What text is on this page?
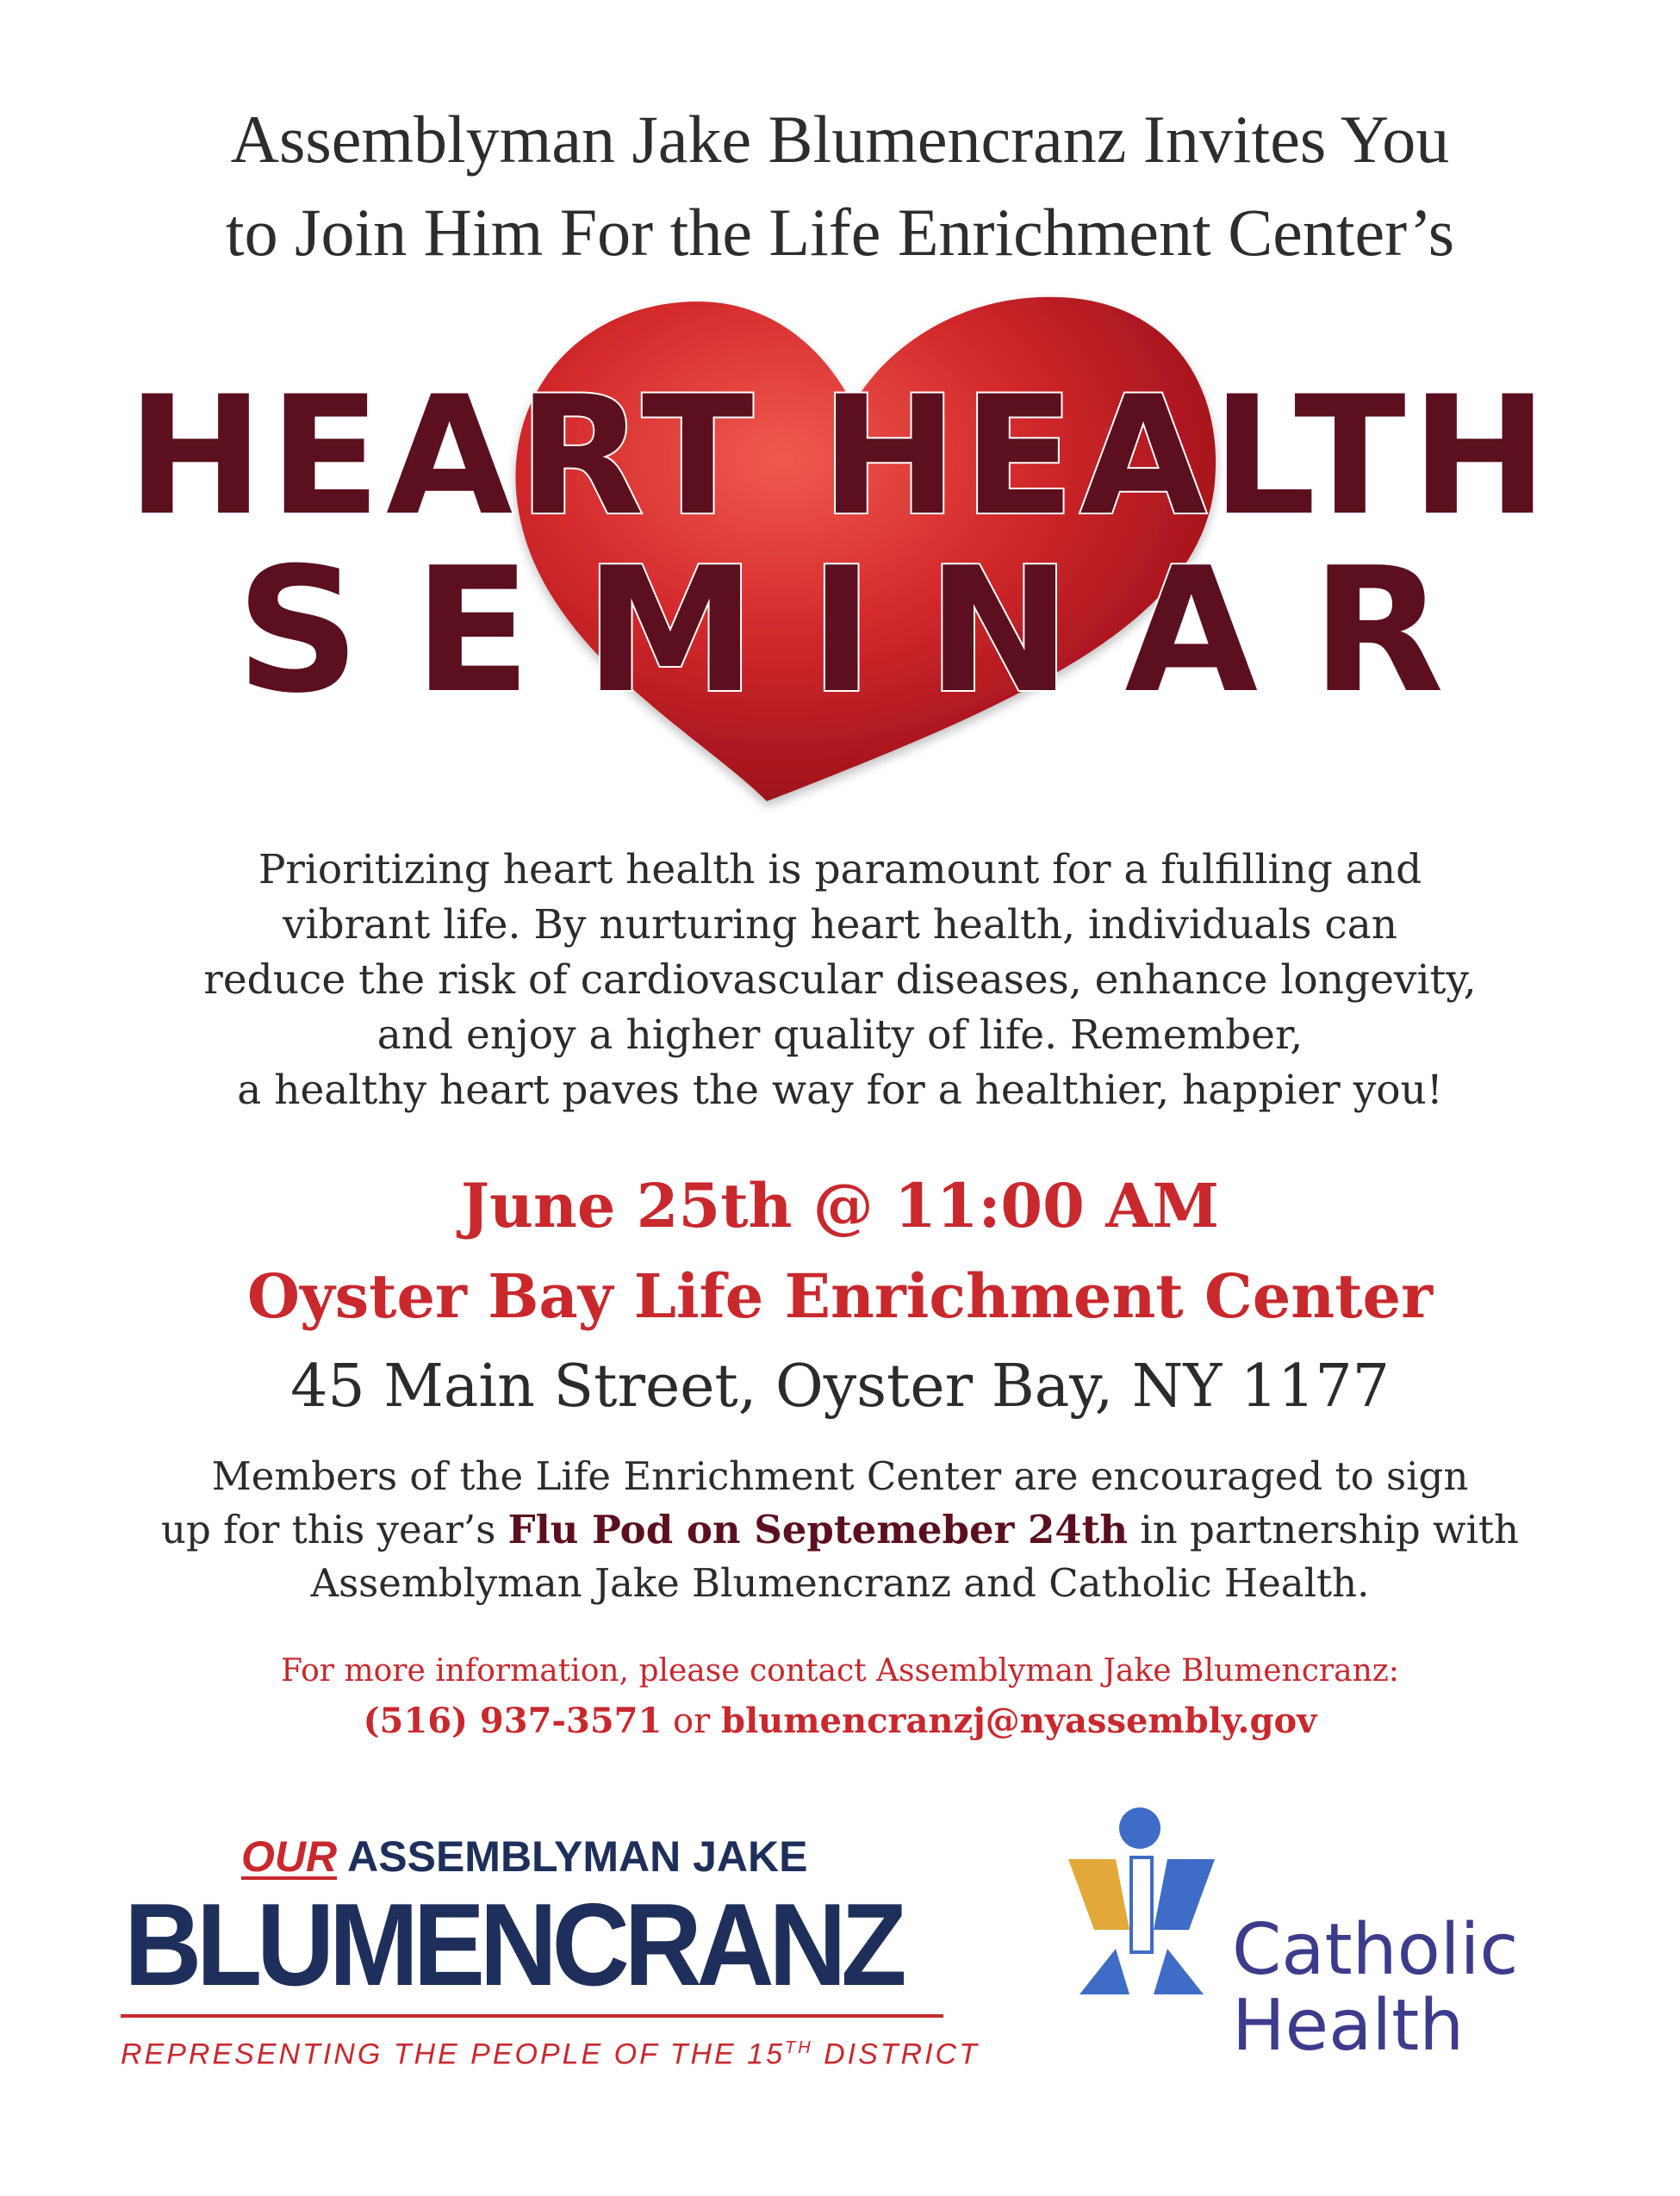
Assemblyman Jake Blumencranz Invites You
to Join Him For the Life Enrichment Center’s
HEART HEALTH
SEMINAR
Prioritizing heart health is paramount for a fulfilling and
vibrant life. By nurturing heart health, individuals can
reduce the risk of cardiovascular diseases, enhance longevity,
and enjoy a higher quality of life. Remember,
a healthy heart paves the way for a healthier, happier you!
June 25th @ 11:00 AM
Oyster Bay Life Enrichment Center
45 Main Street, Oyster Bay, NY 1177
Members of the Life Enrichment Center are encouraged to sign
up for this year’s Flu Pod on Septemeber 24th in partnership with
Assemblyman Jake Blumencranz and Catholic Health.
For more information, please contact Assemblyman Jake Blumencranz:
(516) 937-3571 or blumencranzj@nyassembly.gov
OUR ASSEMBLYMAN JAKE
BLUMENCRANZ
REPRESENTING THE PEOPLE OF THE 15TH DISTRICT
Catholic
Health
